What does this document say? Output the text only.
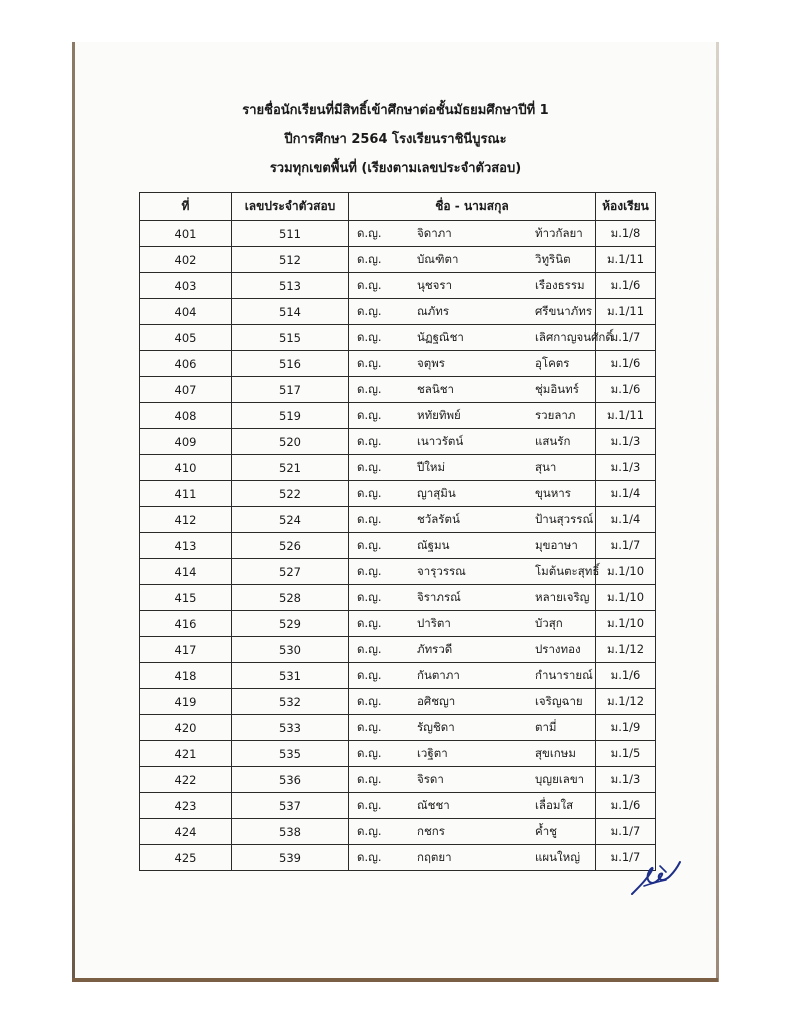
รายชื่อนักเรียนที่มีสิทธิ์เข้าศึกษาต่อชั้นมัธยมศึกษาปีที่ 1
ปีการศึกษา 2564 โรงเรียนราชินีบูรณะ
รวมทุกเขตพื้นที่ (เรียงตามเลขประจำตัวสอบ)
ที่	เลขประจำตัวสอบ	ชื่อ - นามสกุล	ห้องเรียน
401	511	ด.ญ. จิดาภา ท้าวกัลยา	ม.1/8
402	512	ด.ญ. บัณฑิตา วิทูรินิต	ม.1/11
403	513	ด.ญ. นุชจรา เรืองธรรม	ม.1/6
404	514	ด.ญ. ณภัทร ศรีขนาภัทร	ม.1/11
405	515	ด.ญ. นัฏฐณิชา เลิศกาญจนศักดิ์	ม.1/7
406	516	ด.ญ. จตุพร อุโคตร	ม.1/6
407	517	ด.ญ. ชลนิชา ชุ่มอินทร์	ม.1/6
408	519	ด.ญ. หทัยทิพย์ รวยลาภ	ม.1/11
409	520	ด.ญ. เนาวรัตน์ แสนรัก	ม.1/3
410	521	ด.ญ. ปีใหม่ สุนา	ม.1/3
411	522	ด.ญ. ญาสุมิน ขุนหาร	ม.1/4
412	524	ด.ญ. ชวัลรัตน์ ป้านสุวรรณ์	ม.1/4
413	526	ด.ญ. ณัฐมน มุขอาษา	ม.1/7
414	527	ด.ญ. จารุวรรณ โมต้นตะสุทธิ์	ม.1/10
415	528	ด.ญ. จิราภรณ์ หลายเจริญ	ม.1/10
416	529	ด.ญ. ปาริตา บัวสุก	ม.1/10
417	530	ด.ญ. ภัทรวดี ปรางทอง	ม.1/12
418	531	ด.ญ. กันตาภา กำนารายณ์	ม.1/6
419	532	ด.ญ. อศิชญา เจริญฉาย	ม.1/12
420	533	ด.ญ. รัญชิดา ตามี่	ม.1/9
421	535	ด.ญ. เวฐิตา สุขเกษม	ม.1/5
422	536	ด.ญ. จิรดา บุญยเลขา	ม.1/3
423	537	ด.ญ. ณัชชา เลื่อมใส	ม.1/6
424	538	ด.ญ. กชกร ค้ำชู	ม.1/7
425	539	ด.ญ. กฤตยา แผนใหญ่	ม.1/7
